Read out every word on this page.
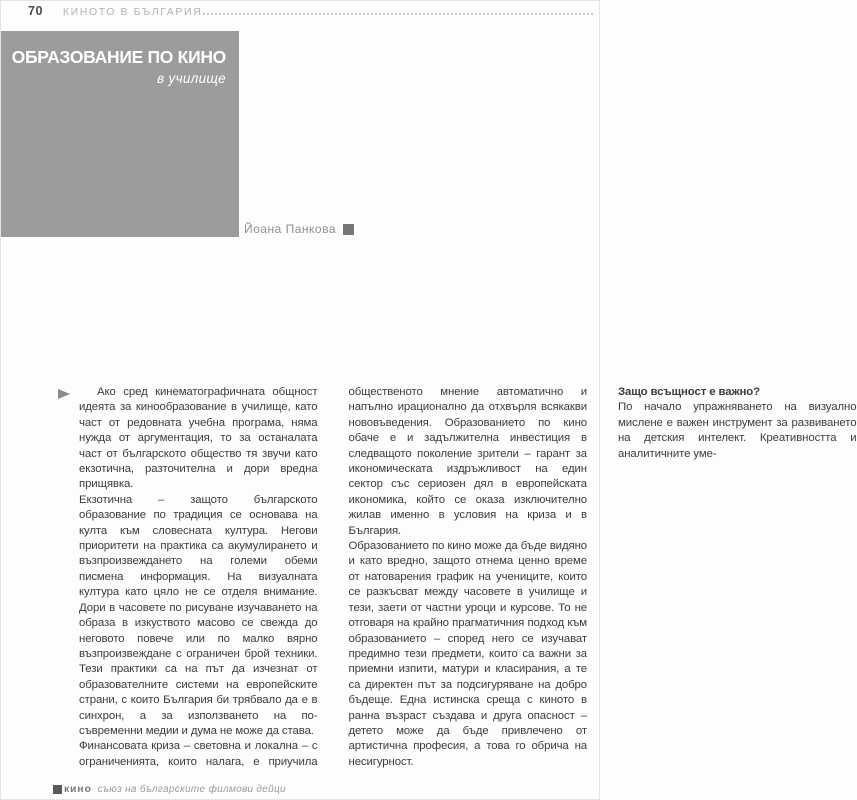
70 КИНОТО В БЪЛГАРИЯ
ОБРАЗОВАНИЕ ПО КИНО
в училище
Йоана Панкова

Ако сред кинематографичната общност идеята за кинообразование в училище, като част от редовната учебна програма, няма нужда от аргументация, то за останалата част от българското общество тя звучи като екзотична, разточителна и дори вредна прищявка.

Екзотична – защото българското образование по традиция се основава на култа към словесната култура. Негови приоритети на практика са акумулирането и възпроизвеждането на големи обеми писмена информация. На визуалната култура като цяло не се отделя внимание. Дори в часовете по рисуване изучаването на образа в изкуството масово се свежда до неговото повече или по малко вярно възпроизвеждане с ограничен брой техники. Тези практики са на път да изчезнат от образователните системи на европейските страни, с които България би трябвало да е в синхрон, а за използването на по-съвременни медии и дума не може да става.

Финансовата криза – световна и локална – с ограниченията, които налага, е приучила общественото мнение автоматично и напълно ирационално да отхвърля всякакви нововъведения. Образованието по кино обаче е и задължителна инвестиция в следващото поколение зрители – гарант за икономическата издръжливост на един сектор със сериозен дял в европейската икономика, който се оказа изключително жилав именно в условия на криза и в България.

Образованието по кино може да бъде видяно и като вредно, защото отнема ценно време от натоварения график на учениците, които се разкъсват между часовете в училище и тези, заети от частни уроци и курсове. То не отговаря на крайно прагматичния подход към образованието – според него се изучават предимно тези предмети, които са важни за приемни изпити, матури и класирания, а те са директен път за подсигуряване на добро бъдеще. Една истинска среща с киното в ранна възраст създава и друга опасност – детето може да бъде привлечено от артистична професия, а това го обрича на несигурност.

Защо всъщност е важно?

По начало упражняването на визуално мислене е важен инструмент за развиването на детския интелект. Креативността и аналитичните уме-

кино съюз на българските филмови дейци
